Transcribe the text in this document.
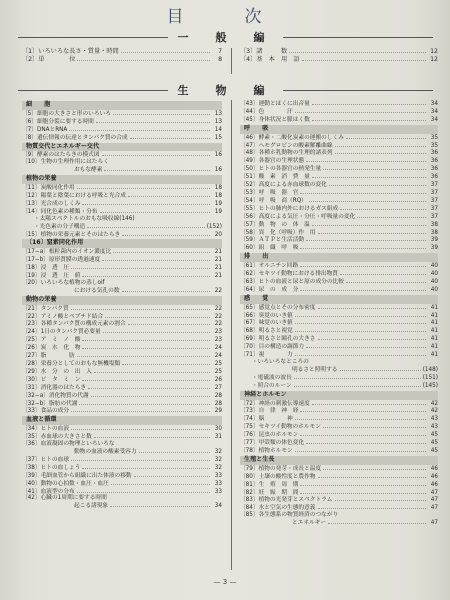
目　次
一　般　編
〔1〕いろいろな長さ・質量・時間	7
〔2〕単　　　　位	8
〔3〕諸　　　数	12
〔4〕基　本　用　語	12
生　物　編
細　　胞
〔5〕細胞の大きさと形のいろいろ	13
〔6〕細胞分裂に要する時間	13
〔7〕DNAとRNA	14
〔8〕遺伝情報の伝達とタンパク質の合成	15
物質交代とエネルギー交代
〔9〕酵素のはたらきの模式図	16
〔10〕生物の生理作用にはたらく
おもな酵素	16
植物の栄養
〔11〕炭酸同化作用	18
〔12〕陽葉と陰葉における呼吸と光合成	18
〔13〕光合成のしくみ	19
〔14〕同化色素の種類・分布	19
・太陽スペクトルのおもな吸収線(146)
・光色素の分子構造	(152)
〔15〕植物の栄養元素とそのはたらき	20
〔16〕窒素同化作用
〔17−a〕根粒菌内のイオン濃度比	21
〔17−b〕原形質膜の透過速度	21
〔18〕浸　透　圧	21
〔19〕浸　透　圧　値	21
〔20〕いろいろな植物の蒸しoif
における気孔の数	22
動物の栄養
〔21〕タンパク質	22
〔22〕アミノ酸とペプチド結合	22
〔23〕各種タンパク質の構成元素の割合	22
〔24〕1日のタンパク質必要量	23
〔25〕ア　ミ　ノ　酸	23
〔26〕炭　水　化　物	24
〔27〕脂　　　　肪	24
〔28〕栄養分としてのおもな無機塩類	25
〔29〕水　分　の　出　入	25
〔30〕ビ　タ　ミ　ン	26
〔31〕消化器のはたらき	27
〔32−a〕消化物質の代謝	28
〔32−b〕脂肪の代謝	28
〔33〕食品の成分	29
血液と循環
〔34〕ヒトの血液	30
〔35〕赤血球の大きさと数	31
〔36〕血液凝固の物理といろいろな
動物の血液の酸素受容力	32
〔37〕ヒトの血球	32
〔38〕ヒトの血しょう	32
〔39〕毛細血管から組織に出た体液の移動	33
〔40〕動物の心拍数・血圧・血圧	33
〔41〕血液型の分布	33
〔42〕心臓の1周期に要する時間
起こる諸現象	34
〔43〕運動とほくに出音量	34
〔44〕色　　　　汗	34
〔45〕身体状況と脈はく数	34
呼　　吸
〔46〕酵素・二酸化炭素の運搬のしくみ	35
〔47〕ヘモグロビンの酸素解離曲線	35
〔48〕各種ホ乳動物の生理的諸表列	36
〔49〕各器官の生理状態	36
〔50〕ヒトの各器官の熱発生量	36
〔51〕酸　素　消　費　量	36
〔52〕高度による赤血球数の変化	37
〔53〕呼　吸　器　官	37
〔54〕呼　吸　商（RQ）	37
〔55〕ヒトの肺内外におけるガス組成	37
〔56〕高度による気圧・分圧・呼吸量の変化	37
〔57〕動　物　の　体　温	38
〔58〕異　化（呼吸）作　用	38
〔59〕ＡＴＰと生活活動	39
〔60〕組　織　呼　吸	39
排　　出
〔61〕オルニチン回路	40
〔62〕セキツイ動物における排出物質	40
〔63〕ヒトの血液と尿と原の成分の比較	40
〔64〕尿　の　成　分	40
感　　覚
〔65〕感覚点とその分布密度	41
〔66〕臭覚のいき値	41
〔67〕味覚のいき値	41
〔68〕明るさと視覚	41
〔69〕明るさと瞳孔の大きさ	41
〔70〕目の構造の調節力	41
〔71〕視　　　　力	41
・いろいろなところの
明るさと照明する	(148)
・電磁波の波長	(151)
・照合のルーン	(145)
神経とホルモン
〔72〕神経の刺激伝導速度	42
〔73〕自　律　神　経	42
〔74〕脳　　　　神	43
〔75〕セキツイ動物のホルモン	43
〔76〕昆虫のホルモン	45
〔77〕甲殻類の体色変化	45
〔78〕植物ホルモン	45
生殖と生長
〔79〕植物の発芽・成長と温度	46
〔80〕土壌の酸性度と農作物	46
〔81〕生　殖　周　期	46
〔82〕妊　娠　期　間	47
〔83〕植物の光発芽とスペクトラム	47
〔84〕水と空気の生態的意義	47
〔85〕各生態系の物質経済のつながり
とエネルギー	47
— 3 —
